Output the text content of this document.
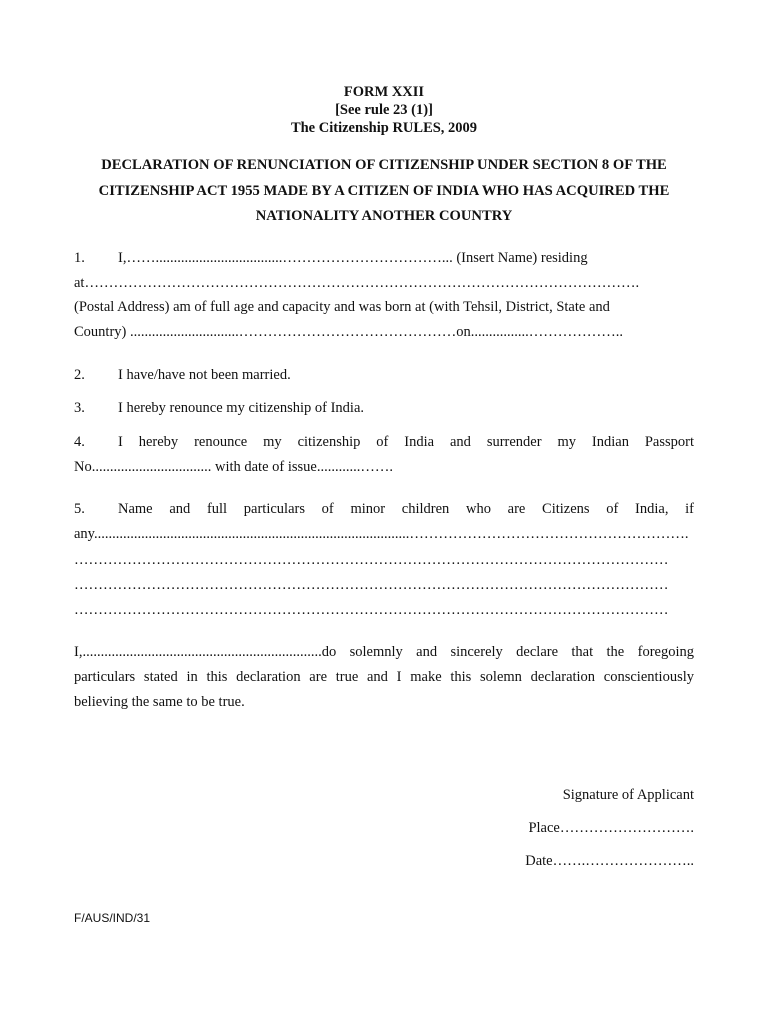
FORM XXII
[See rule 23 (1)]
The Citizenship RULES, 2009
DECLARATION OF RENUNCIATION OF CITIZENSHIP UNDER SECTION 8 OF THE
CITIZENSHIP ACT 1955 MADE BY A CITIZEN OF INDIA WHO HAS ACQUIRED THE
NATIONALITY ANOTHER COUNTRY
1. I,……...................................……………………………... (Insert Name) residing
at…………………………………………………………………………………………………….
(Postal Address) am of full age and capacity and was born at (with Tehsil, District, State and
Country) ..............................………………………………………on................………………..
2. I have/have not been married.
3. I hereby renounce my citizenship of India.
I hereby renounce my citizenship of India and surrender my Indian Passport
4.
No................................. with date of issue............…….
5. Name and full particulars of minor children who are Citizens of India, if
any.......................................................................................………………………………………………….
……………………………………………………………………………………………………………
……………………………………………………………………………………………………………
……………………………………………………………………………………………………………
I,..................................................................do solemnly and sincerely declare that the foregoing
particulars stated in this declaration are true and I make this solemn declaration conscientiously
believing the same to be true.
Signature of Applicant
Place……………………….
Date…….…………………..
F/AUS/IND/31
